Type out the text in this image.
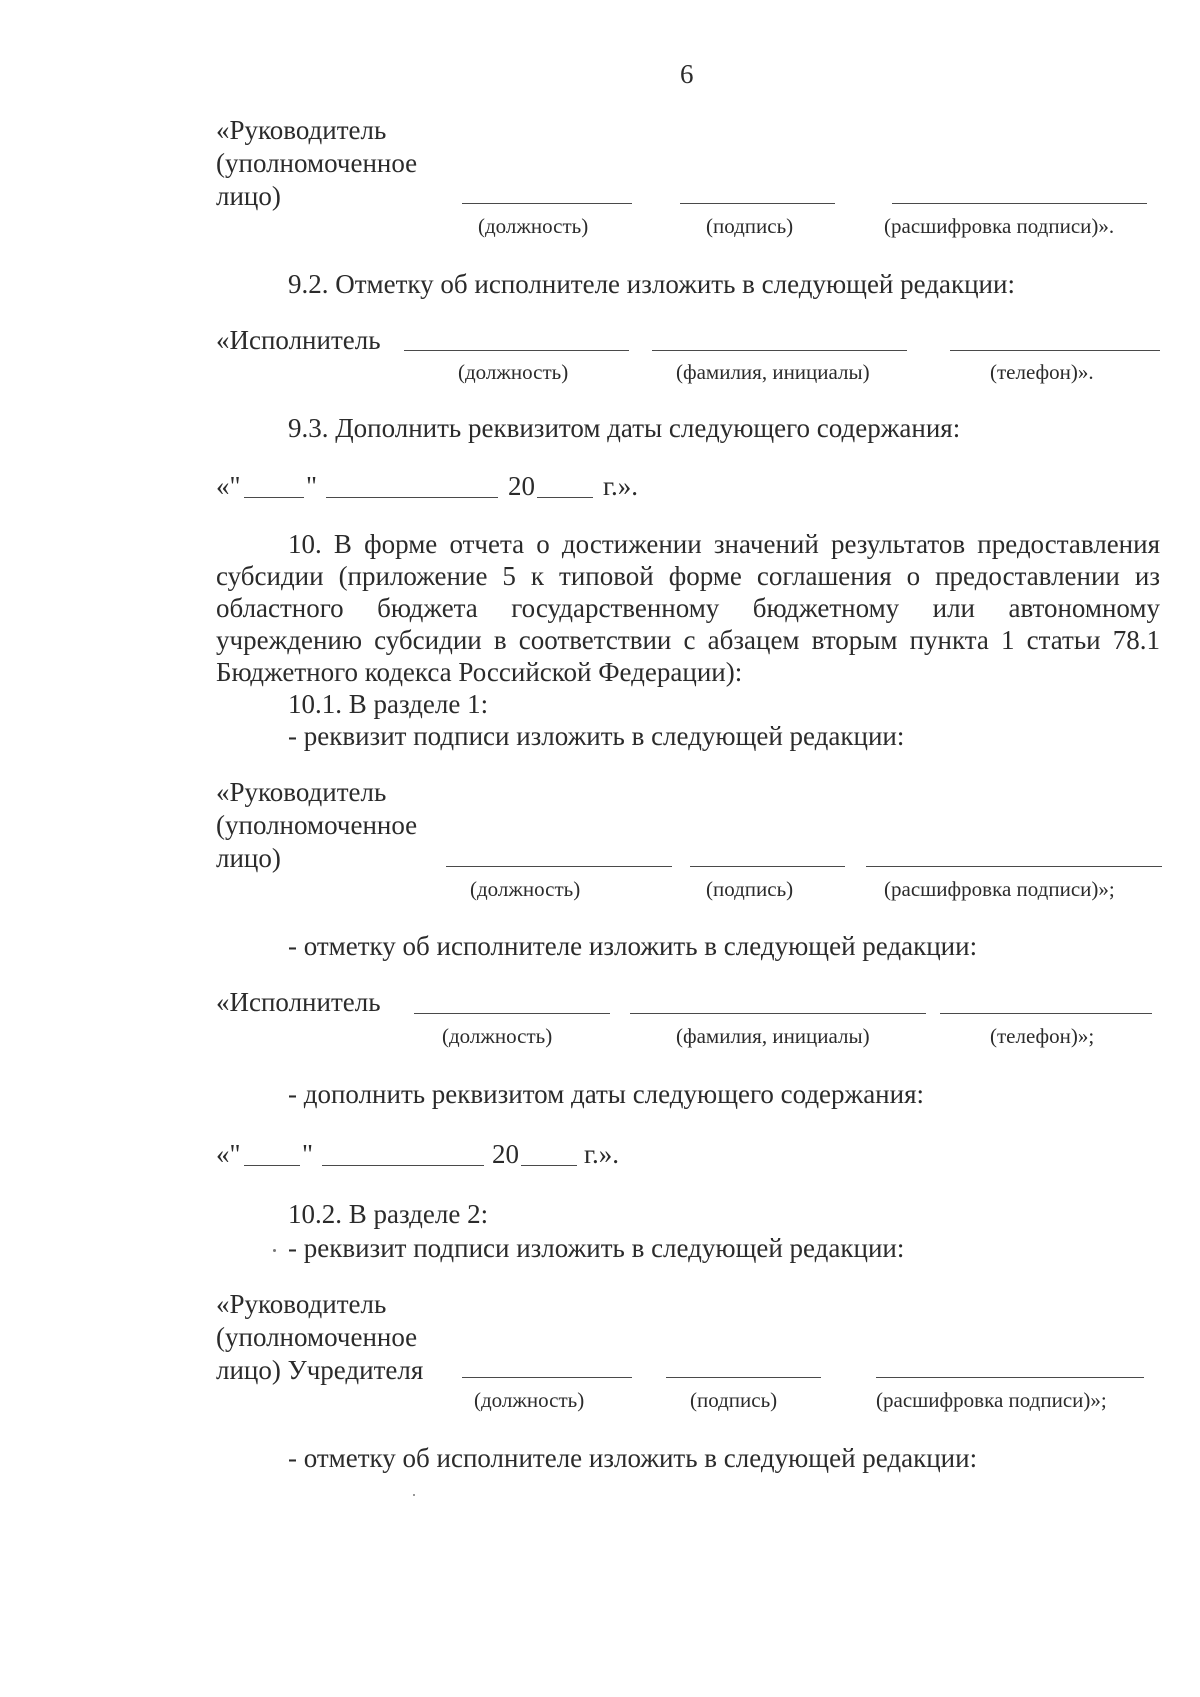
6
«Руководитель
(уполномоченное
лицо)
(должность)	(подпись)	(расшифровка подписи)».
9.2. Отметку об исполнителе изложить в следующей редакции:
«Исполнитель
(должность)	(фамилия, инициалы)	(телефон)».
9.3. Дополнить реквизитом даты следующего содержания:
«" "	20	г.».
10. В форме отчета о достижении значений результатов предоставления субсидии (приложение 5 к типовой форме соглашения о предоставлении из областного бюджета государственному бюджетному или автономному учреждению субсидии в соответствии с абзацем вторым пункта 1 статьи 78.1 Бюджетного кодекса Российской Федерации):
10.1. В разделе 1:
- реквизит подписи изложить в следующей редакции:
«Руководитель
(уполномоченное
лицо)
(должность)	(подпись)	(расшифровка подписи)»;
- отметку об исполнителе изложить в следующей редакции:
«Исполнитель
(должность)	(фамилия, инициалы)	(телефон)»;
- дополнить реквизитом даты следующего содержания:
«" "	20 г.».
10.2. В разделе 2:
- реквизит подписи изложить в следующей редакции:
«Руководитель
(уполномоченное
лицо) Учредителя
(должность)	(подпись)	(расшифровка подписи)»;
- отметку об исполнителе изложить в следующей редакции:
